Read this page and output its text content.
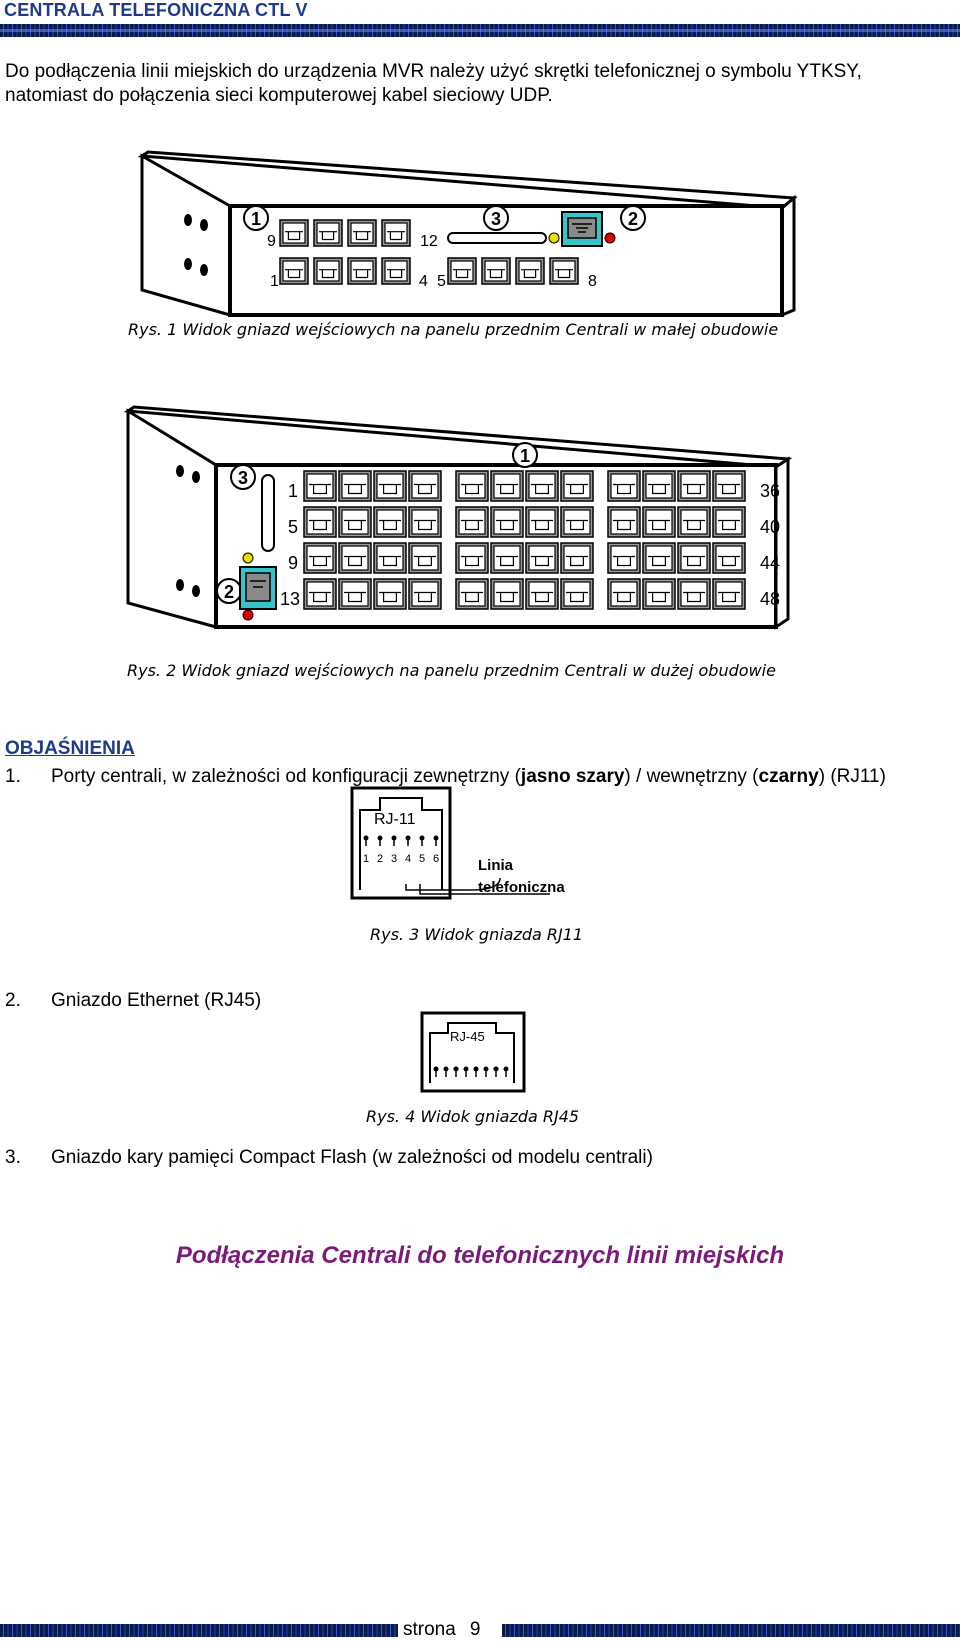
CENTRALA TELEFONICZNA CTL V
Do podłączenia linii miejskich do urządzenia MVR należy użyć skrętki telefonicznej o symbolu YTKSY,
natomiast do połączenia sieci komputerowej kabel sieciowy UDP.
1	3	2
9	12
1	4 5	8
Rys. 1 Widok gniazd wejściowych na panelu przednim Centrali w małej obudowie
3
1
2
1
5
9
13
36
40
44
48
Rys. 2 Widok gniazd wejściowych na panelu przednim Centrali w dużej obudowie
OBJAŚNIENIA
1. Porty centrali, w zależności od konfiguracji zewnętrzny (jasno szary) / wewnętrzny (czarny) (RJ11)
RJ-11
1 2 3 4 5 6	Linia
telefoniczna
Rys. 3 Widok gniazda RJ11
2. Gniazdo Ethernet (RJ45)
RJ-45
Rys. 4 Widok gniazda RJ45
3. Gniazdo kary pamięci Compact Flash (w zależności od modelu centrali)
Podłączenia Centrali do telefonicznych linii miejskich
strona 9
